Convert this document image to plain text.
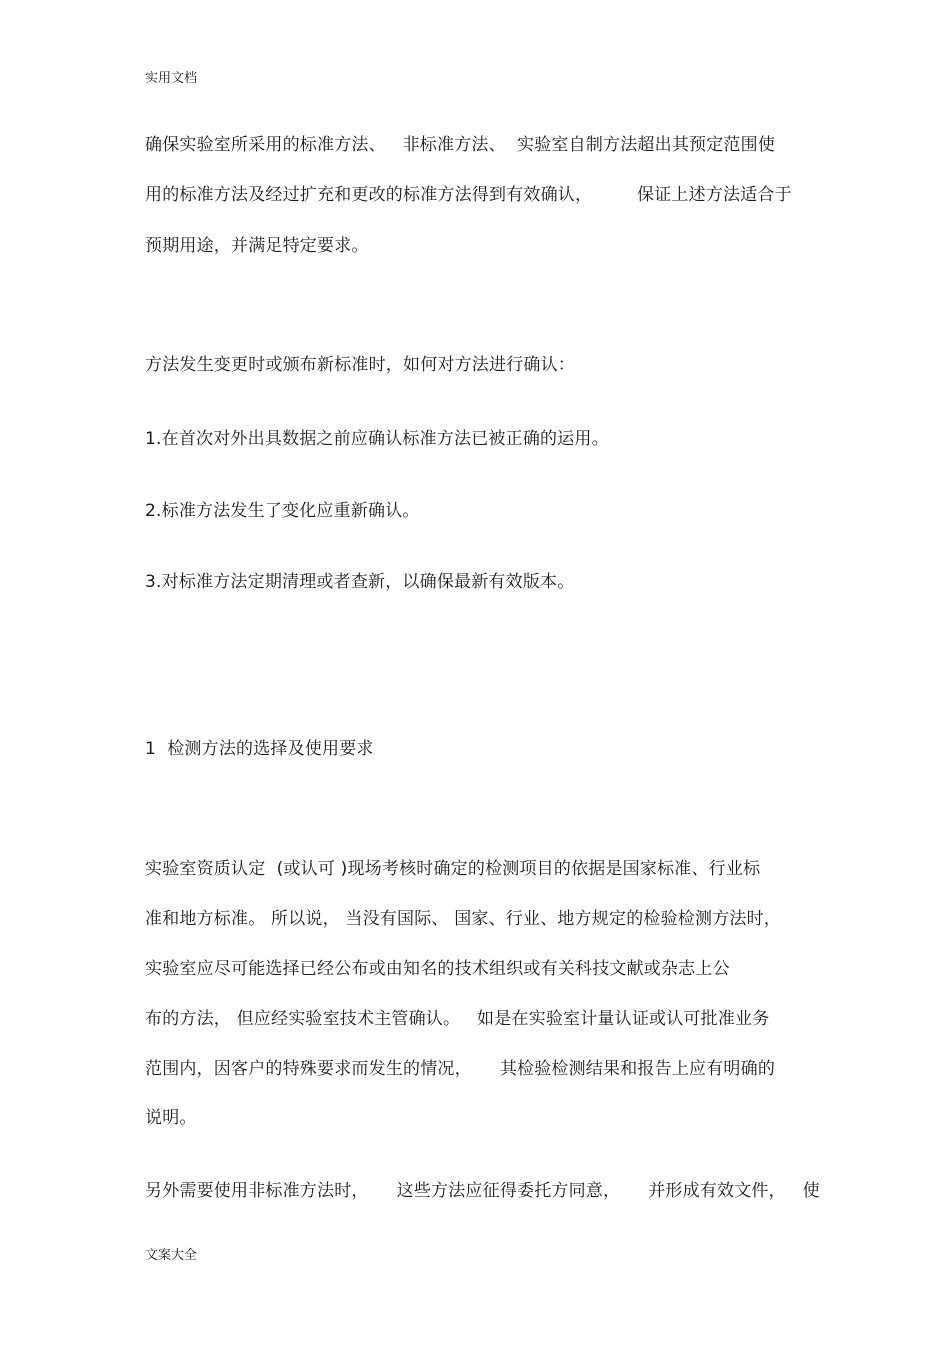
实用文档
确保实验室所采用的标准方法、   非标准方法、  实验室自制方法超出其预定范围使
用的标准方法及经过扩充和更改的标准方法得到有效确认，        保证上述方法适合于
预期用途，并满足特定要求。
方法发生变更时或颁布新标准时，如何对方法进行确认：
1.在首次对外出具数据之前应确认标准方法已被正确的运用。
2.标准方法发生了变化应重新确认。
3.对标准方法定期清理或者查新，以确保最新有效版本。
1  检测方法的选择及使用要求
实验室资质认定  (或认可 )现场考核时确定的检测项目的依据是国家标准、行业标
准和地方标准。 所以说， 当没有国际、 国家、行业、地方规定的检验检测方法时，
实验室应尽可能选择已经公布或由知名的技术组织或有关科技文献或杂志上公
布的方法， 但应经实验室技术主管确认。   如是在实验室计量认证或认可批准业务
范围内，因客户的特殊要求而发生的情况，     其检验检测结果和报告上应有明确的
说明。
另外需要使用非标准方法时，     这些方法应征得委托方同意，     并形成有效文件，   使
文案大全
